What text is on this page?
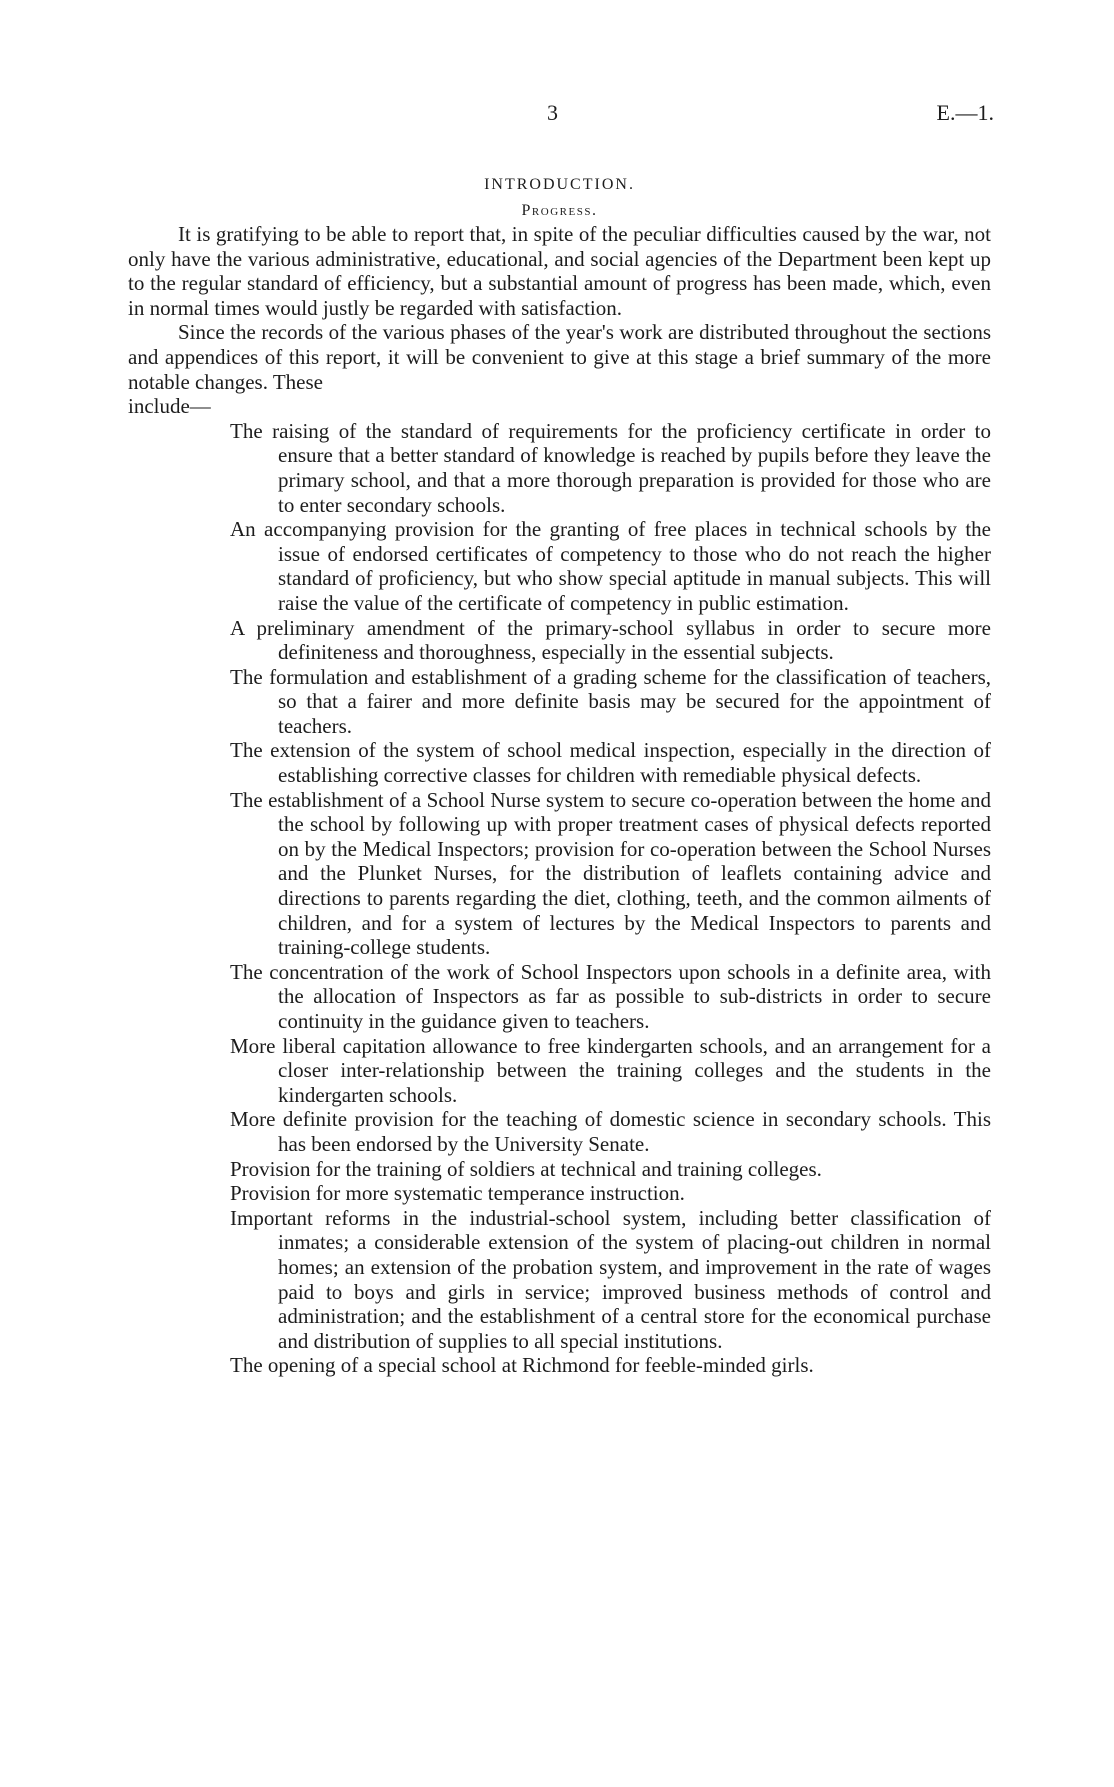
3	E.—1.
INTRODUCTION.
Progress.

It is gratifying to be able to report that, in spite of the peculiar difficulties caused by the war, not only have the various administrative, educational, and social agencies of the Department been kept up to the regular standard of efficiency, but a substantial amount of progress has been made, which, even in normal times would justly be regarded with satisfaction.

Since the records of the various phases of the year's work are distributed throughout the sections and appendices of this report, it will be convenient to give at this stage a brief summary of the more notable changes. These

include—

The raising of the standard of requirements for the proficiency certificate in order to ensure that a better standard of knowledge is reached by pupils before they leave the primary school, and that a more thorough preparation is provided for those who are to enter secondary schools.
An accompanying provision for the granting of free places in technical schools by the issue of endorsed certificates of competency to those who do not reach the higher standard of proficiency, but who show special aptitude in manual subjects. This will raise the value of the certificate of competency in public estimation.
A preliminary amendment of the primary-school syllabus in order to secure more definiteness and thoroughness, especially in the essential subjects.
The formulation and establishment of a grading scheme for the classification of teachers, so that a fairer and more definite basis may be secured for the appointment of teachers.
The extension of the system of school medical inspection, especially in the direction of establishing corrective classes for children with remediable physical defects.
The establishment of a School Nurse system to secure co-operation between the home and the school by following up with proper treatment cases of physical defects reported on by the Medical Inspectors; provision for co-operation between the School Nurses and the Plunket Nurses, for the distribution of leaflets containing advice and directions to parents regarding the diet, clothing, teeth, and the common ailments of children, and for a system of lectures by the Medical Inspectors to parents and training-college students.
The concentration of the work of School Inspectors upon schools in a definite area, with the allocation of Inspectors as far as possible to sub-districts in order to secure continuity in the guidance given to teachers.
More liberal capitation allowance to free kindergarten schools, and an arrangement for a closer inter-relationship between the training colleges and the students in the kindergarten schools.
More definite provision for the teaching of domestic science in secondary schools. This has been endorsed by the University Senate.
Provision for the training of soldiers at technical and training colleges.
Provision for more systematic temperance instruction.
Important reforms in the industrial-school system, including better classification of inmates; a considerable extension of the system of placing-out children in normal homes; an extension of the probation system, and improvement in the rate of wages paid to boys and girls in service; improved business methods of control and administration; and the establishment of a central store for the economical purchase and distribution of supplies to all special institutions.
The opening of a special school at Richmond for feeble-minded girls.
